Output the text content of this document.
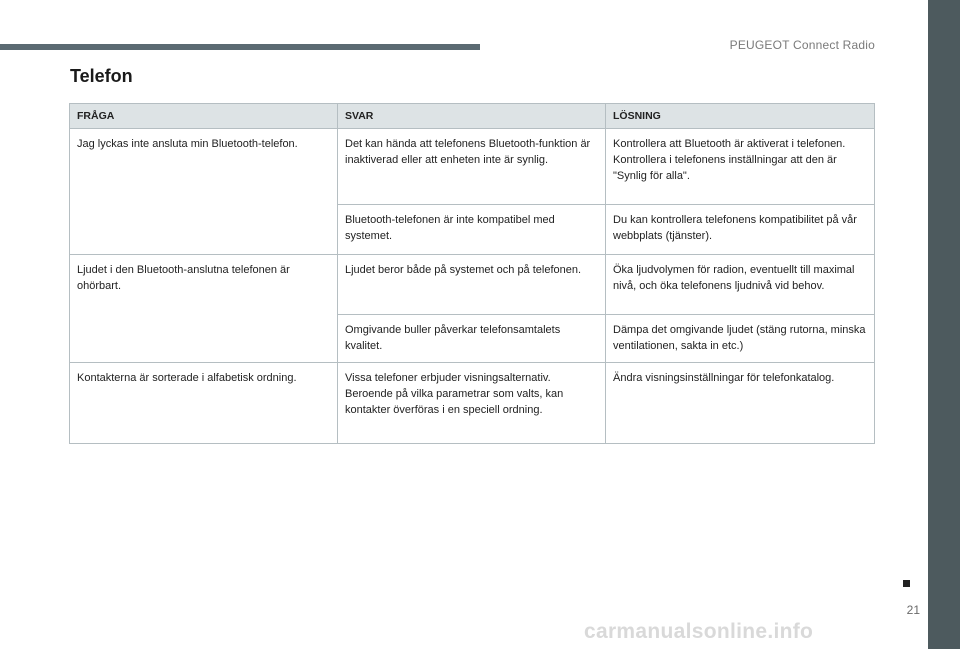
PEUGEOT Connect Radio
Telefon
FRÅGA	SVAR	LÖSNING
Jag lyckas inte ansluta min Bluetooth-telefon.	Det kan hända att telefonens Bluetooth-funktion är inaktiverad eller att enheten inte är synlig.	Kontrollera att Bluetooth är aktiverat i telefonen.
Kontrollera i telefonens inställningar att den är "Synlig för alla".

	Bluetooth-telefonen är inte kompatibel med systemet.	Du kan kontrollera telefonens kompatibilitet på vår webbplats (tjänster).
Ljudet i den Bluetooth-anslutna telefonen är ohörbart.	Ljudet beror både på systemet och på telefonen.	Öka ljudvolymen för radion, eventuellt till maximal nivå, och öka telefonens ljudnivå vid behov.
	Omgivande buller påverkar telefonsamtalets kvalitet.	Dämpa det omgivande ljudet (stäng rutorna, minska ventilationen, sakta in etc.)
Kontakterna är sorterade i alfabetisk ordning.	Vissa telefoner erbjuder visningsalternativ. Beroende på vilka parametrar som valts, kan kontakter överföras i en speciell ordning.	Ändra visningsinställningar för telefonkatalog.
21
carmanualsonline.info
